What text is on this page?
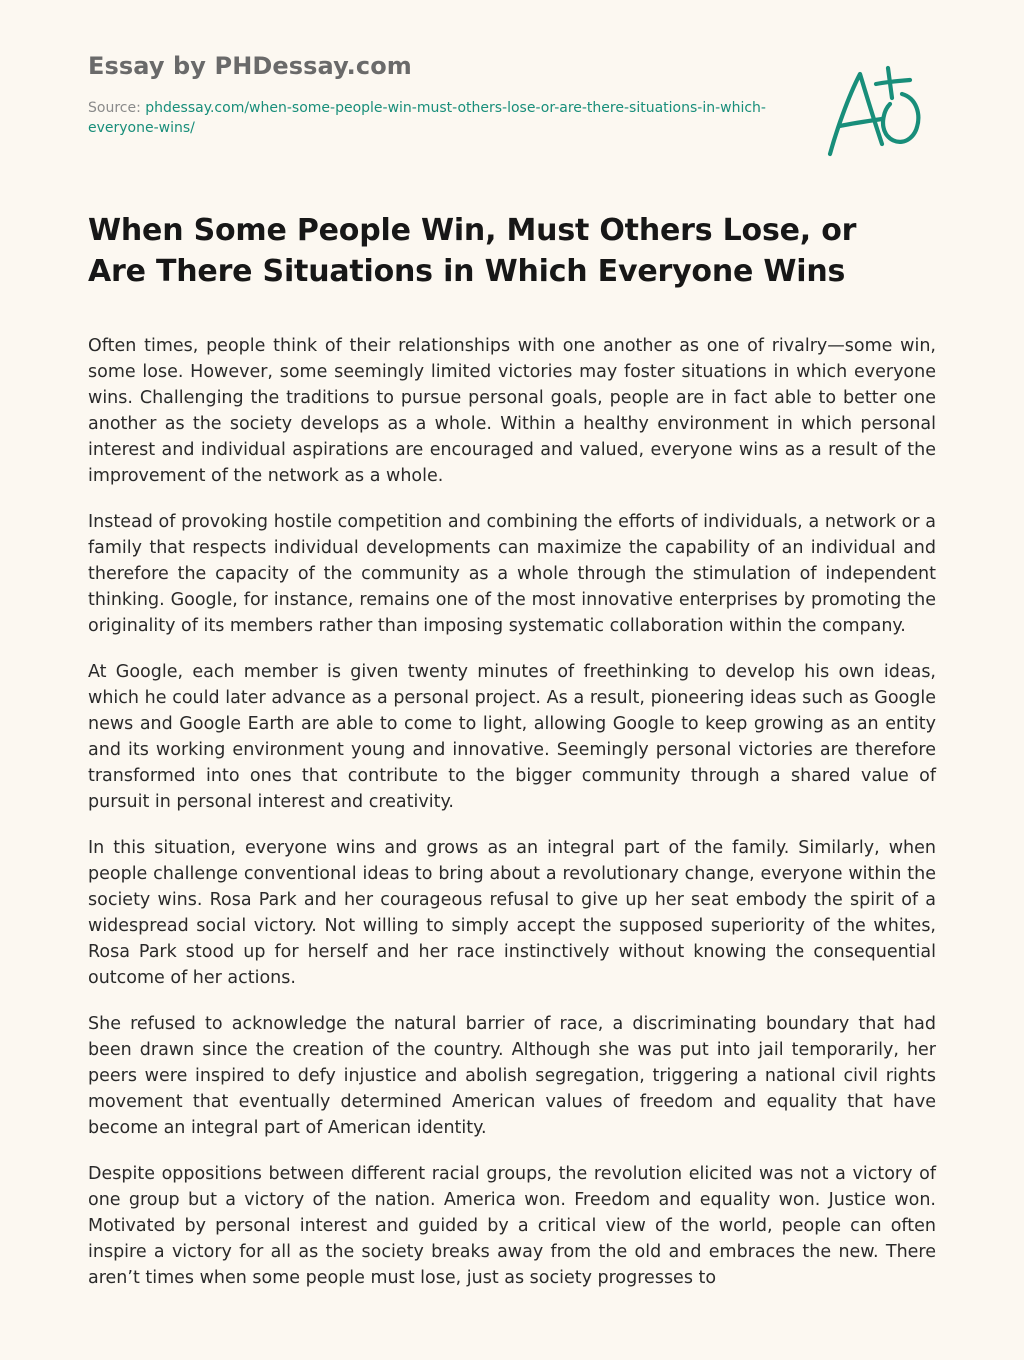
Essay by PHDessay.com
Source: phdessay.com/when-some-people-win-must-others-lose-or-are-there-situations-in-which-everyone-wins/
When Some People Win, Must Others Lose, or Are There Situations in Which Everyone Wins

Often times, people think of their relationships with one another as one of rivalry—some win, some lose. However, some seemingly limited victories may foster situations in which everyone wins. Challenging the traditions to pursue personal goals, people are in fact able to better one another as the society develops as a whole. Within a healthy environment in which personal interest and individual aspirations are encouraged and valued, everyone wins as a result of the improvement of the network as a whole.

Instead of provoking hostile competition and combining the efforts of individuals, a network or a family that respects individual developments can maximize the capability of an individual and therefore the capacity of the community as a whole through the stimulation of independent thinking. Google, for instance, remains one of the most innovative enterprises by promoting the originality of its members rather than imposing systematic collaboration within the company.

At Google, each member is given twenty minutes of freethinking to develop his own ideas, which he could later advance as a personal project. As a result, pioneering ideas such as Google news and Google Earth are able to come to light, allowing Google to keep growing as an entity and its working environment young and innovative. Seemingly personal victories are therefore transformed into ones that contribute to the bigger community through a shared value of pursuit in personal interest and creativity.

In this situation, everyone wins and grows as an integral part of the family. Similarly, when people challenge conventional ideas to bring about a revolutionary change, everyone within the society wins. Rosa Park and her courageous refusal to give up her seat embody the spirit of a widespread social victory. Not willing to simply accept the supposed superiority of the whites, Rosa Park stood up for herself and her race instinctively without knowing the consequential outcome of her actions.

She refused to acknowledge the natural barrier of race, a discriminating boundary that had been drawn since the creation of the country. Although she was put into jail temporarily, her peers were inspired to defy injustice and abolish segregation, triggering a national civil rights movement that eventually determined American values of freedom and equality that have become an integral part of American identity.

Despite oppositions between different racial groups, the revolution elicited was not a victory of one group but a victory of the nation. America won. Freedom and equality won. Justice won. Motivated by personal interest and guided by a critical view of the world, people can often inspire a victory for all as the society breaks away from the old and embraces the new. There aren’t times when some people must lose, just as society progresses to
